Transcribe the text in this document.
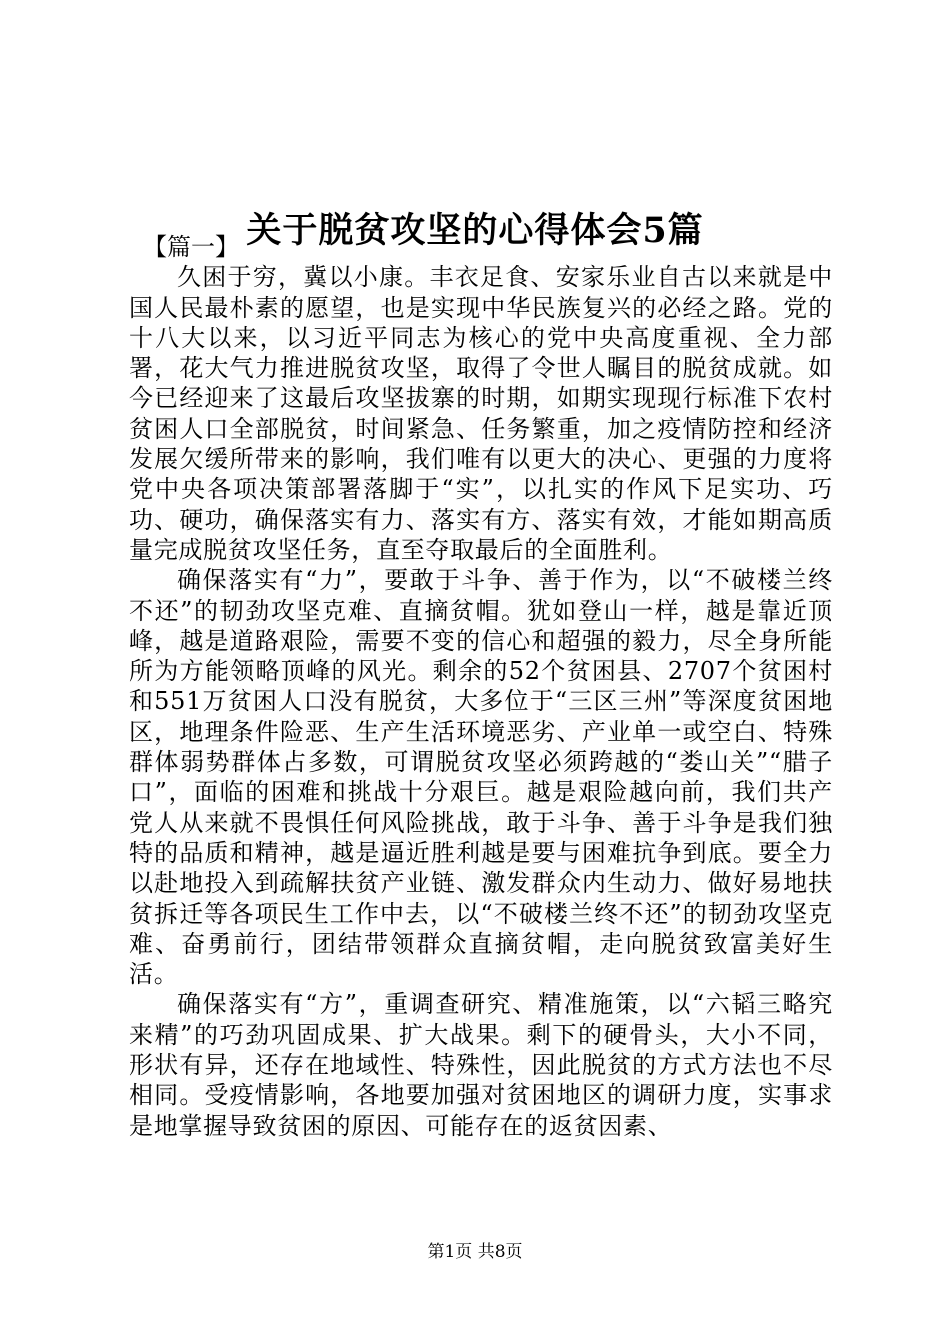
关于脱贫攻坚的心得体会5篇

【篇一】

久困于穷，冀以小康。丰衣足食、安家乐业自古以来就是中国人民最朴素的愿望，也是实现中华民族复兴的必经之路。党的十八大以来，以习近平同志为核心的党中央高度重视、全力部署，花大气力推进脱贫攻坚，取得了令世人瞩目的脱贫成就。如今已经迎来了这最后攻坚拔寨的时期，如期实现现行标准下农村贫困人口全部脱贫，时间紧急、任务繁重，加之疫情防控和经济发展欠缓所带来的影响，我们唯有以更大的决心、更强的力度将党中央各项决策部署落脚于“实”，以扎实的作风下足实功、巧功、硬功，确保落实有力、落实有方、落实有效，才能如期高质量完成脱贫攻坚任务，直至夺取最后的全面胜利。

确保落实有“力”，要敢于斗争、善于作为，以“不破楼兰终不还”的韧劲攻坚克难、直摘贫帽。犹如登山一样，越是靠近顶峰，越是道路艰险，需要不变的信心和超强的毅力，尽全身所能所为方能领略顶峰的风光。剩余的52个贫困县、2707个贫困村和551万贫困人口没有脱贫，大多位于“三区三州”等深度贫困地区，地理条件险恶、生产生活环境恶劣、产业单一或空白、特殊群体弱势群体占多数，可谓脱贫攻坚必须跨越的“娄山关”“腊子口”，面临的困难和挑战十分艰巨。越是艰险越向前，我们共产党人从来就不畏惧任何风险挑战，敢于斗争、善于斗争是我们独特的品质和精神，越是逼近胜利越是要与困难抗争到底。要全力以赴地投入到疏解扶贫产业链、激发群众内生动力、做好易地扶贫拆迁等各项民生工作中去，以“不破楼兰终不还”的韧劲攻坚克难、奋勇前行，团结带领群众直摘贫帽，走向脱贫致富美好生活。

确保落实有“方”，重调查研究、精准施策，以“六韬三略究来精”的巧劲巩固成果、扩大战果。剩下的硬骨头，大小不同，形状有异，还存在地域性、特殊性，因此脱贫的方式方法也不尽相同。受疫情影响，各地要加强对贫困地区的调研力度，实事求是地掌握导致贫困的原因、可能存在的返贫因素、

第1页 共8页
